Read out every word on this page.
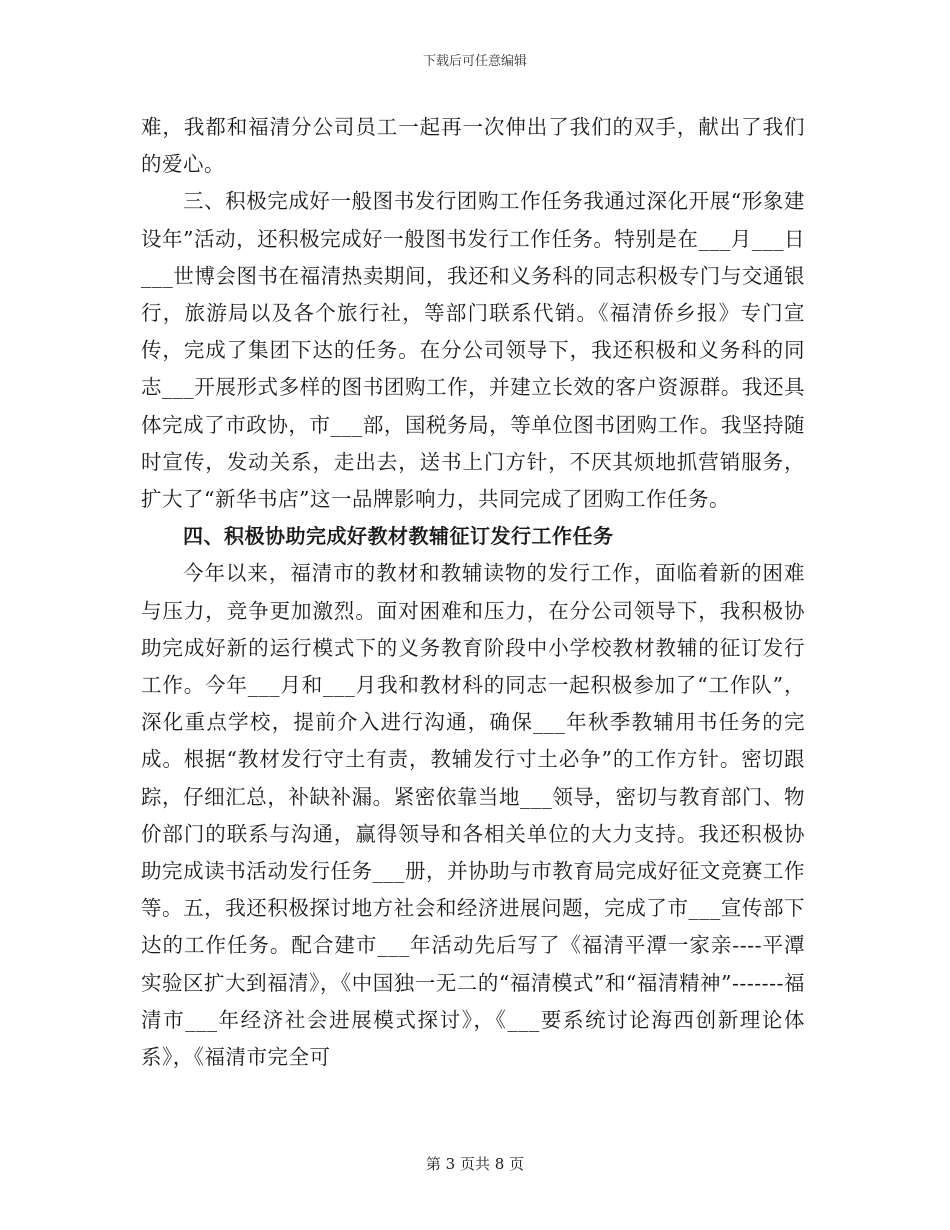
下载后可任意编辑

难，我都和福清分公司员工一起再一次伸出了我们的双手，献出了我们的爱心。

三、积极完成好一般图书发行团购工作任务我通过深化开展“形象建设年”活动，还积极完成好一般图书发行工作任务。特别是在___月___日___世博会图书在福清热卖期间，我还和义务科的同志积极专门与交通银行，旅游局以及各个旅行社，等部门联系代销。《福清侨乡报》专门宣传，完成了集团下达的任务。在分公司领导下，我还积极和义务科的同志___开展形式多样的图书团购工作，并建立长效的客户资源群。我还具体完成了市政协，市___部，国税务局，等单位图书团购工作。我坚持随时宣传，发动关系，走出去，送书上门方针，不厌其烦地抓营销服务，扩大了“新华书店”这一品牌影响力，共同完成了团购工作任务。

四、积极协助完成好教材教辅征订发行工作任务

今年以来，福清市的教材和教辅读物的发行工作，面临着新的困难与压力，竞争更加激烈。面对困难和压力，在分公司领导下，我积极协助完成好新的运行模式下的义务教育阶段中小学校教材教辅的征订发行工作。今年___月和___月我和教材科的同志一起积极参加了“工作队”，深化重点学校，提前介入进行沟通，确保___年秋季教辅用书任务的完成。根据“教材发行守土有责，教辅发行寸土必争”的工作方针。密切跟踪，仔细汇总，补缺补漏。紧密依靠当地___领导，密切与教育部门、物价部门的联系与沟通，赢得领导和各相关单位的大力支持。我还积极协助完成读书活动发行任务___册，并协助与市教育局完成好征文竞赛工作等。五，我还积极探讨地方社会和经济进展问题，完成了市___宣传部下达的工作任务。配合建市___年活动先后写了《福清平潭一家亲----平潭实验区扩大到福清》，《中国独一无二的“福清模式”和“福清精神”-------福清市___年经济社会进展模式探讨》，《___要系统讨论海西创新理论体系》，《福清市完全可

第 3 页共 8 页
